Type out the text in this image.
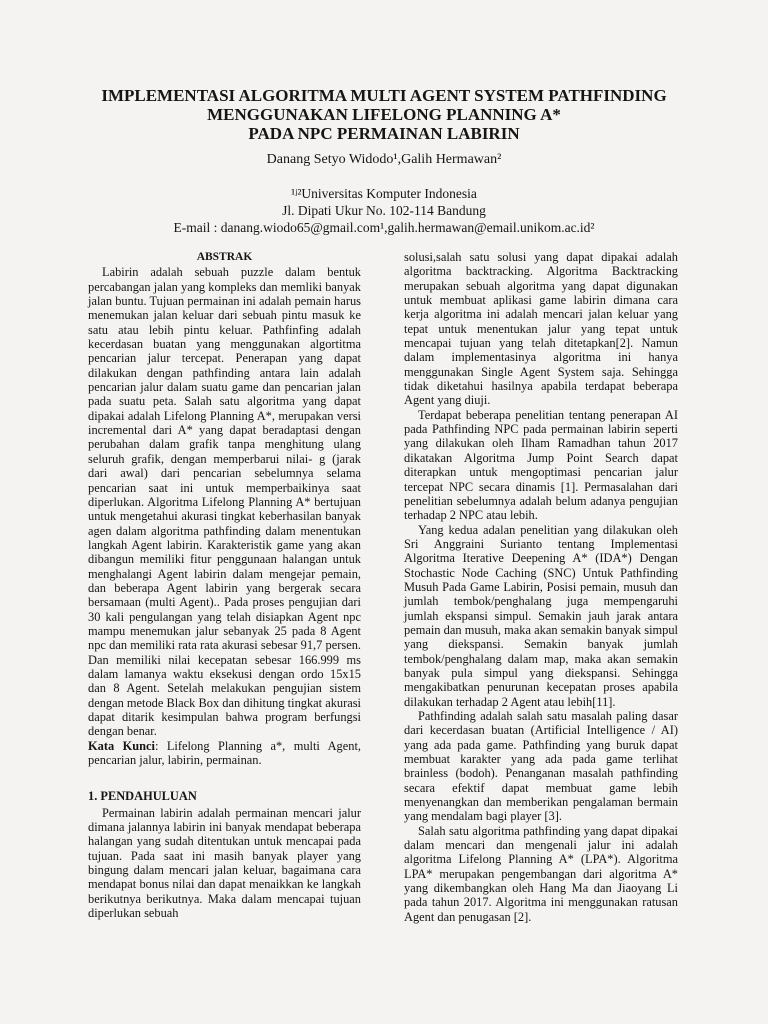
IMPLEMENTASI ALGORITMA MULTI AGENT SYSTEM PATHFINDING
MENGGUNAKAN LIFELONG PLANNING A*
PADA NPC PERMAINAN LABIRIN
Danang Setyo Widodo¹,Galih Hermawan²
¹ʲ²Universitas Komputer Indonesia
Jl. Dipati Ukur No. 102-114 Bandung
E-mail : danang.wiodo65@gmail.com¹,galih.hermawan@email.unikom.ac.id²
ABSTRAK

Labirin adalah sebuah puzzle dalam bentuk percabangan jalan yang kompleks dan memliki banyak jalan buntu. Tujuan permainan ini adalah pemain harus menemukan jalan keluar dari sebuah pintu masuk ke satu atau lebih pintu keluar. Pathfinfing adalah kecerdasan buatan yang menggunakan algortitma pencarian jalur tercepat. Penerapan yang dapat dilakukan dengan pathfinding antara lain adalah pencarian jalur dalam suatu game dan pencarian jalan pada suatu peta. Salah satu algoritma yang dapat dipakai adalah Lifelong Planning A*, merupakan versi incremental dari A* yang dapat beradaptasi dengan perubahan dalam grafik tanpa menghitung ulang seluruh grafik, dengan memperbarui nilai- g (jarak dari awal) dari pencarian sebelumnya selama pencarian saat ini untuk memperbaikinya saat diperlukan. Algoritma Lifelong Planning A* bertujuan untuk mengetahui akurasi tingkat keberhasilan banyak agen dalam algoritma pathfinding dalam menentukan langkah Agent labirin. Karakteristik game yang akan dibangun memiliki fitur penggunaan halangan untuk menghalangi Agent labirin dalam mengejar pemain, dan beberapa Agent labirin yang bergerak secara bersamaan (multi Agent).. Pada proses pengujian dari 30 kali pengulangan yang telah disiapkan Agent npc mampu menemukan jalur sebanyak 25 pada 8 Agent npc dan memiliki rata rata akurasi sebesar 91,7 persen. Dan memiliki nilai kecepatan sebesar 166.999 ms dalam lamanya waktu eksekusi dengan ordo 15x15 dan 8 Agent. Setelah melakukan pengujian sistem dengan metode Black Box dan dihitung tingkat akurasi dapat ditarik kesimpulan bahwa program berfungsi dengan benar.

Kata Kunci: Lifelong Planning a*, multi Agent, pencarian jalur, labirin, permainan.

1. PENDAHULUAN

Permainan labirin adalah permainan mencari jalur dimana jalannya labirin ini banyak mendapat beberapa halangan yang sudah ditentukan untuk mencapai pada tujuan. Pada saat ini masih banyak player yang bingung dalam mencari jalan keluar, bagaimana cara mendapat bonus nilai dan dapat menaikkan ke langkah berikutnya berikutnya. Maka dalam mencapai tujuan diperlukan sebuah

solusi,salah satu solusi yang dapat dipakai adalah algoritma backtracking. Algoritma Backtracking merupakan sebuah algoritma yang dapat digunakan untuk membuat aplikasi game labirin dimana cara kerja algoritma ini adalah mencari jalan keluar yang tepat untuk menentukan jalur yang tepat untuk mencapai tujuan yang telah ditetapkan[2]. Namun dalam implementasinya algoritma ini hanya menggunakan Single Agent System saja. Sehingga tidak diketahui hasilnya apabila terdapat beberapa Agent yang diuji.

Terdapat beberapa penelitian tentang penerapan AI pada Pathfinding NPC pada permainan labirin seperti yang dilakukan oleh Ilham Ramadhan tahun 2017 dikatakan Algoritma Jump Point Search dapat diterapkan untuk mengoptimasi pencarian jalur tercepat NPC secara dinamis [1]. Permasalahan dari penelitian sebelumnya adalah belum adanya pengujian terhadap 2 NPC atau lebih.

Yang kedua adalan penelitian yang dilakukan oleh Sri Anggraini Surianto tentang Implementasi Algoritma Iterative Deepening A* (IDA*) Dengan Stochastic Node Caching (SNC) Untuk Pathfinding Musuh Pada Game Labirin, Posisi pemain, musuh dan jumlah tembok/penghalang juga mempengaruhi jumlah ekspansi simpul. Semakin jauh jarak antara pemain dan musuh, maka akan semakin banyak simpul yang diekspansi. Semakin banyak jumlah tembok/penghalang dalam map, maka akan semakin banyak pula simpul yang diekspansi. Sehingga mengakibatkan penurunan kecepatan proses apabila dilakukan terhadap 2 Agent atau lebih[11].

Pathfinding adalah salah satu masalah paling dasar dari kecerdasan buatan (Artificial Intelligence / AI) yang ada pada game. Pathfinding yang buruk dapat membuat karakter yang ada pada game terlihat brainless (bodoh). Penanganan masalah pathfinding secara efektif dapat membuat game lebih menyenangkan dan memberikan pengalaman bermain yang mendalam bagi player [3].

Salah satu algoritma pathfinding yang dapat dipakai dalam mencari dan mengenali jalur ini adalah algoritma Lifelong Planning A* (LPA*). Algoritma LPA* merupakan pengembangan dari algoritma A* yang dikembangkan oleh Hang Ma dan Jiaoyang Li pada tahun 2017. Algoritma ini menggunakan ratusan Agent dan penugasan [2].
